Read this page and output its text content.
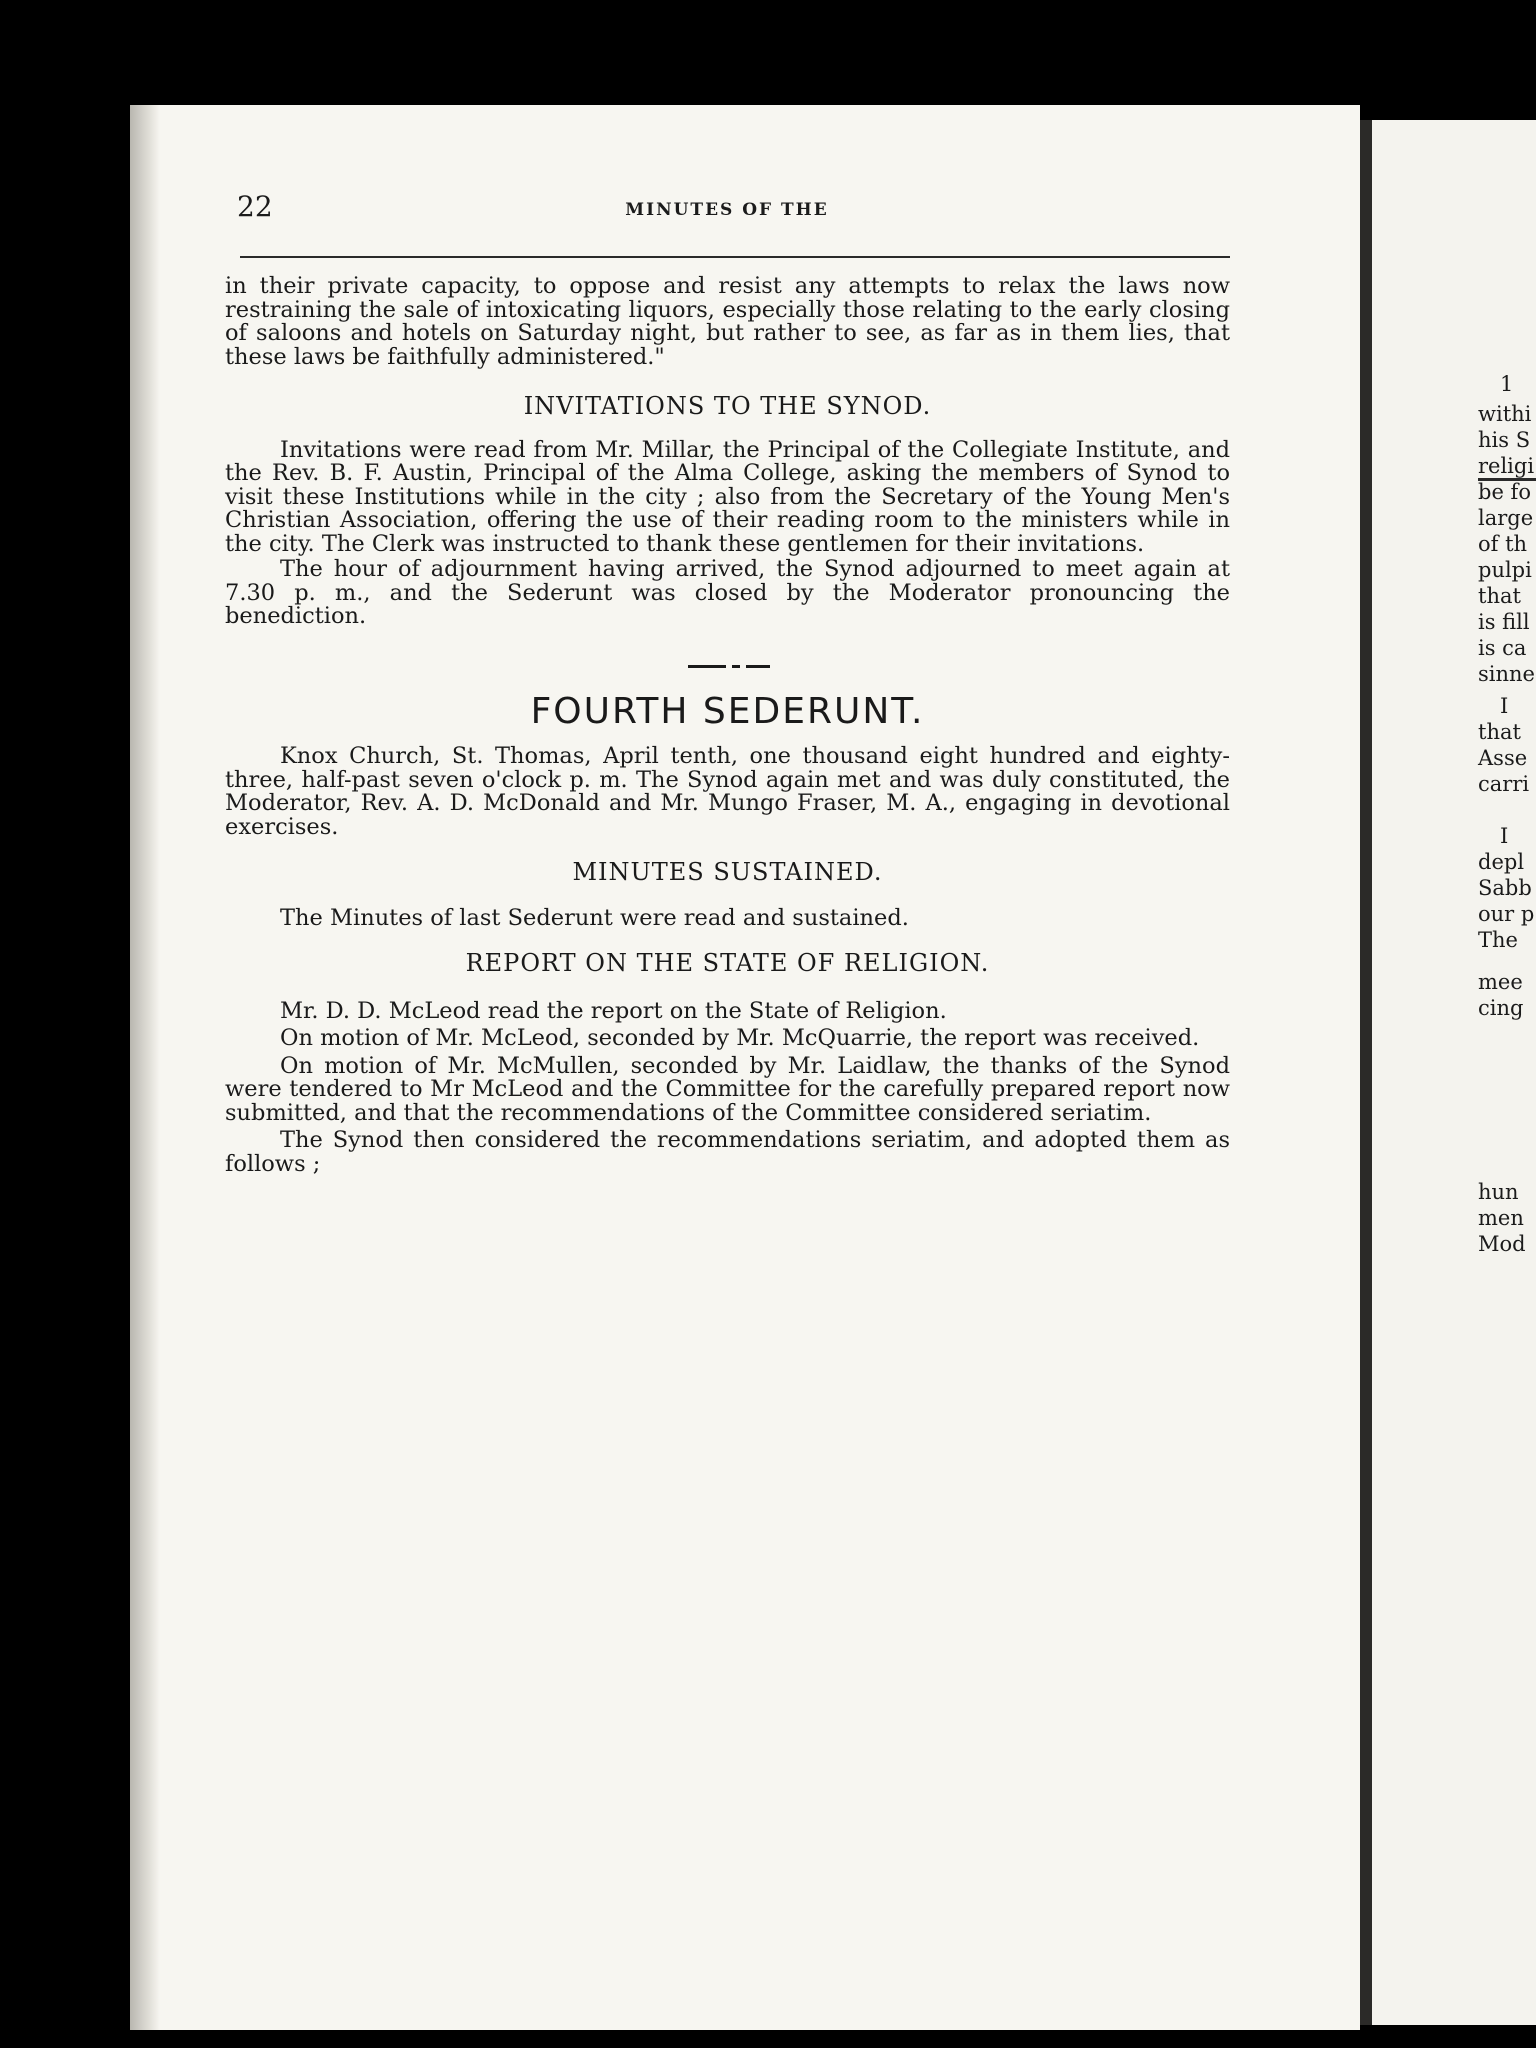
1
withi
his S
religi
be fo
large
of th
pulpi
that
is fill
is ca
sinne
I
that
Asse
carri
I
depl
Sabb
our p
The
mee
cing
hun
men
Mod
22	MINUTES OF THE

in their private capacity, to oppose and resist any attempts to relax the laws now restraining the sale of intoxicating liquors, especially those relating to the early closing of saloons and hotels on Saturday night, but rather to see, as far as in them lies, that these laws be faithfully administered."

INVITATIONS TO THE SYNOD.

Invitations were read from Mr. Millar, the Principal of the Collegiate Institute, and the Rev. B. F. Austin, Principal of the Alma College, asking the members of Synod to visit these Institutions while in the city ; also from the Secretary of the Young Men's Christian Association, offering the use of their reading room to the ministers while in the city. The Clerk was instructed to thank these gentlemen for their invitations.

The hour of adjournment having arrived, the Synod adjourned to meet again at 7.30 p. m., and the Sederunt was closed by the Moderator pronouncing the benediction.

FOURTH SEDERUNT.

Knox Church, St. Thomas, April tenth, one thousand eight hundred and eighty-three, half-past seven o'clock p. m. The Synod again met and was duly constituted, the Moderator, Rev. A. D. McDonald and Mr. Mungo Fraser, M. A., engaging in devotional exercises.

MINUTES SUSTAINED.

The Minutes of last Sederunt were read and sustained.

REPORT ON THE STATE OF RELIGION.

Mr. D. D. McLeod read the report on the State of Religion.

On motion of Mr. McLeod, seconded by Mr. McQuarrie, the report was received.

On motion of Mr. McMullen, seconded by Mr. Laidlaw, the thanks of the Synod were tendered to Mr McLeod and the Committee for the carefully prepared report now submitted, and that the recommendations of the Committee considered seriatim.

The Synod then considered the recommendations seriatim, and adopted them as follows ;
